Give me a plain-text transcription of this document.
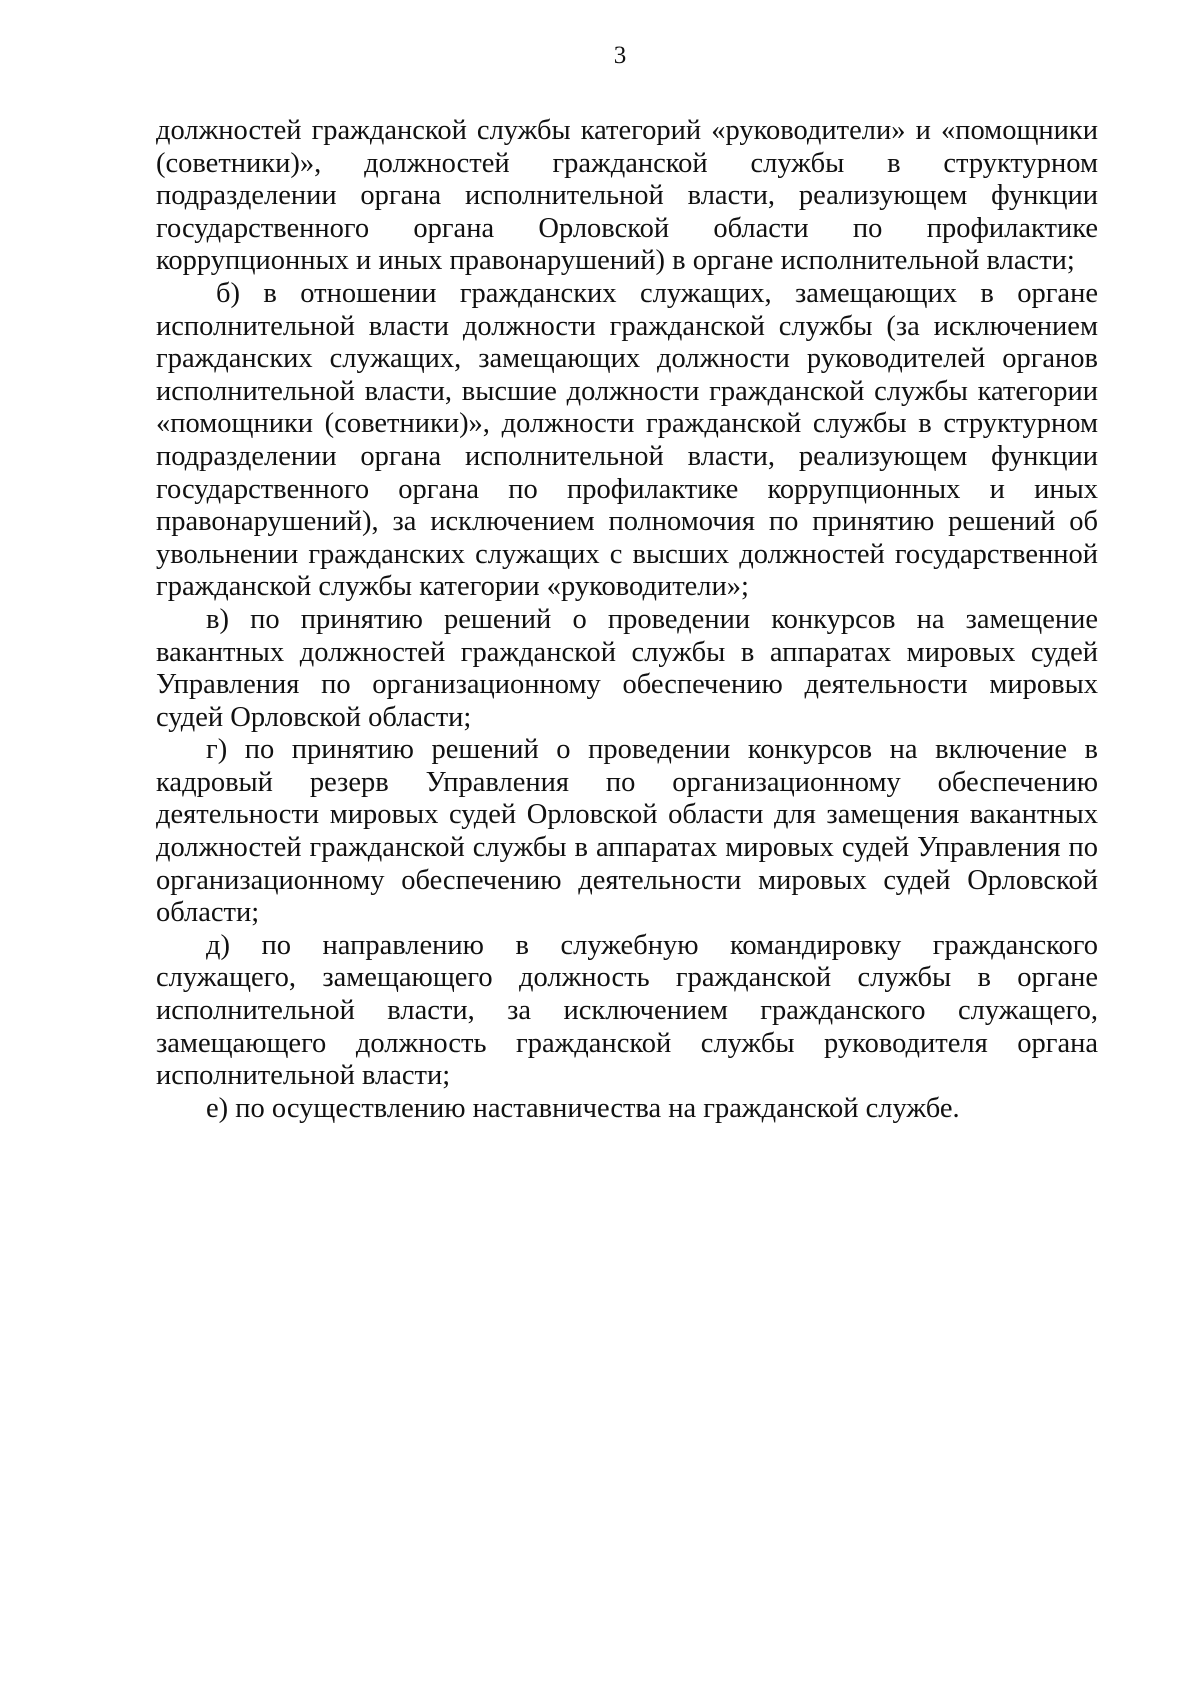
3

должностей гражданской службы категорий «руководители» и «помощники (советники)», должностей гражданской службы в структурном подразделении органа исполнительной власти, реализующем функции государственного органа Орловской области по профилактике коррупционных и иных правонарушений) в органе исполнительной власти;

б) в отношении гражданских служащих, замещающих в органе исполнительной власти должности гражданской службы (за исключением гражданских служащих, замещающих должности руководителей органов исполнительной власти, высшие должности гражданской службы категории «помощники (советники)», должности гражданской службы в структурном подразделении органа исполнительной власти, реализующем функции государственного органа по профилактике коррупционных и иных правонарушений), за исключением полномочия по принятию решений об увольнении гражданских служащих с высших должностей государственной гражданской службы категории «руководители»;

в) по принятию решений о проведении конкурсов на замещение вакантных должностей гражданской службы в аппаратах мировых судей Управления по организационному обеспечению деятельности мировых судей Орловской области;

г) по принятию решений о проведении конкурсов на включение в кадровый резерв Управления по организационному обеспечению деятельности мировых судей Орловской области для замещения вакантных должностей гражданской службы в аппаратах мировых судей Управления по организационному обеспечению деятельности мировых судей Орловской области;

д) по направлению в служебную командировку гражданского служащего, замещающего должность гражданской службы в органе исполнительной власти, за исключением гражданского служащего, замещающего должность гражданской службы руководителя органа исполнительной власти;

е) по осуществлению наставничества на гражданской службе.
